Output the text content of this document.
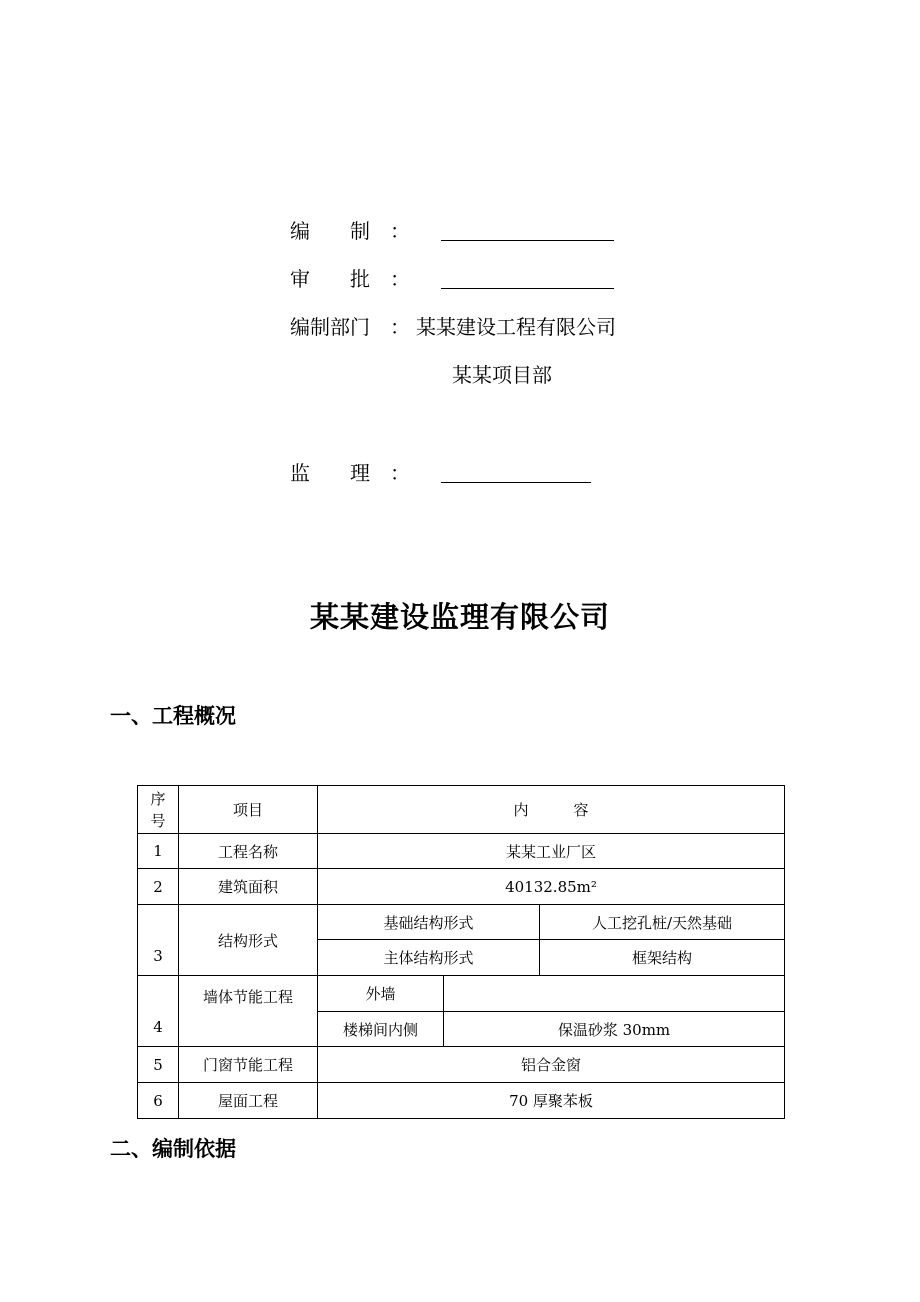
编　　制 ：
审　　批 ：
编制部门 ： 某某建设工程有限公司
某某项目部
监　　理 ：
某某建设监理有限公司
一、工程概况
序
号	项目	内　　　容		
1	工程名称	某某工业厂区		
2	建筑面积	40132.85m²		
3	结构形式	基础结构形式		人工挖孔桩/天然基础
		主体结构形式		框架结构
4	墙体节能工程	外墙		
		楼梯间内侧	保温砂浆 30mm	
5	门窗节能工程	铝合金窗		
6	屋面工程	70 厚聚苯板		
二、编制依据
